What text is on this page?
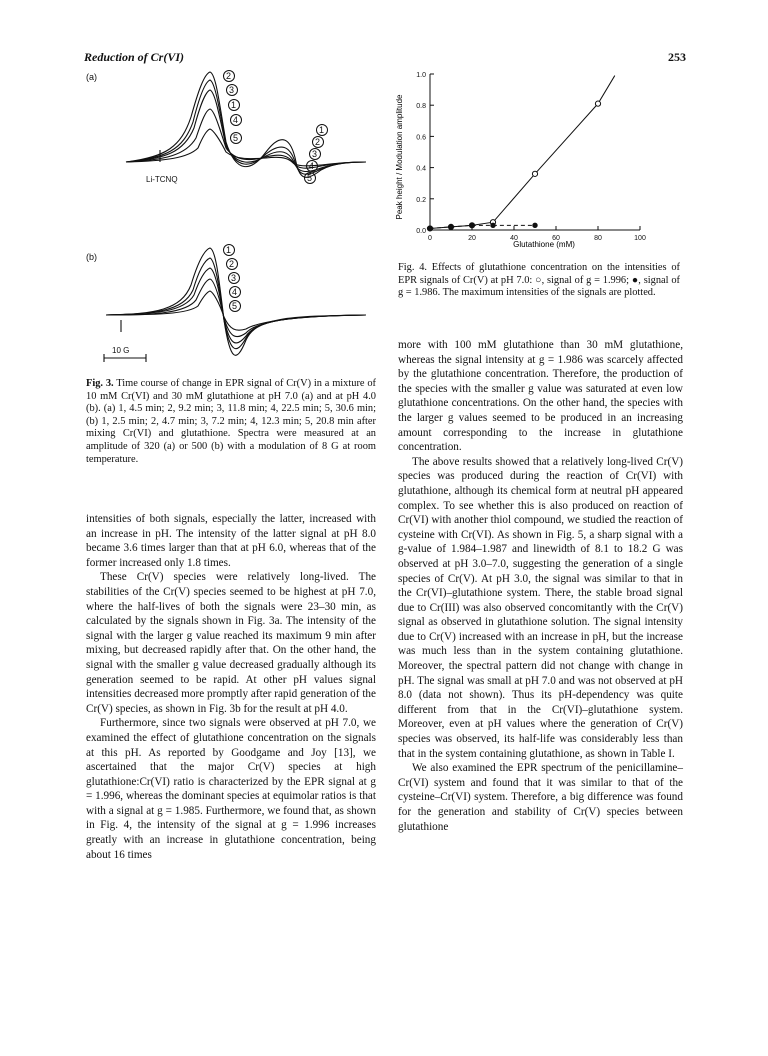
Reduction of Cr(VI)	253
(a)	2
3
1
4
5
1
2
3
4
5
Li-TCNQ
(b)
1
2
3
4
5
10 G
Fig. 3. Time course of change in EPR signal of Cr(V) in a mixture of 10 mM Cr(VI) and 30 mM glutathione at pH 7.0 (a) and at pH 4.0 (b). (a) 1, 4.5 min; 2, 9.2 min; 3, 11.8 min; 4, 22.5 min; 5, 30.6 min; (b) 1, 2.5 min; 2, 4.7 min; 3, 7.2 min; 4, 12.3 min; 5, 20.8 min after mixing Cr(VI) and glutathione. Spectra were measured at an amplitude of 320 (a) or 500 (b) with a modulation of 8 G at room temperature.
Peak height / Modulation amplitude
Glutathione (mM)
0	20	40	60	80	100
0.0
0.2
0.4
0.6
0.8
1.0
Fig. 4. Effects of glutathione concentration on the intensities of EPR signals of Cr(V) at pH 7.0: ○, signal of g = 1.996; ●, signal of g = 1.986. The maximum intensities of the signals are plotted.

intensities of both signals, especially the latter, increased with an increase in pH. The intensity of the latter signal at pH 8.0 became 3.6 times larger than that at pH 6.0, whereas that of the former increased only 1.8 times.

These Cr(V) species were relatively long-lived. The stabilities of the Cr(V) species seemed to be highest at pH 7.0, where the half-lives of both the signals were 23–30 min, as calculated by the signals shown in Fig. 3a. The intensity of the signal with the larger g value reached its maximum 9 min after mixing, but decreased rapidly after that. On the other hand, the signal with the smaller g value decreased gradually although its generation seemed to be rapid. At other pH values signal intensities decreased more promptly after rapid generation of the Cr(V) species, as shown in Fig. 3b for the result at pH 4.0.

Furthermore, since two signals were observed at pH 7.0, we examined the effect of glutathione concentration on the signals at this pH. As reported by Goodgame and Joy [13], we ascertained that the major Cr(V) species at high glutathione:Cr(VI) ratio is characterized by the EPR signal at g = 1.996, whereas the dominant species at equimolar ratios is that with a signal at g = 1.985. Furthermore, we found that, as shown in Fig. 4, the intensity of the signal at g = 1.996 increases greatly with an increase in glutathione concentration, being about 16 times

more with 100 mM glutathione than 30 mM glutathione, whereas the signal intensity at g = 1.986 was scarcely affected by the glutathione concentration. Therefore, the production of the species with the smaller g value was saturated at even low glutathione concentrations. On the other hand, the species with the larger g values seemed to be produced in an increasing amount corresponding to the increase in glutathione concentration.

The above results showed that a relatively long-lived Cr(V) species was produced during the reaction of Cr(VI) with glutathione, although its chemical form at neutral pH appeared complex. To see whether this is also produced on reaction of Cr(VI) with another thiol compound, we studied the reaction of cysteine with Cr(VI). As shown in Fig. 5, a sharp signal with a g-value of 1.984–1.987 and linewidth of 8.1 to 18.2 G was observed at pH 3.0–7.0, suggesting the generation of a single species of Cr(V). At pH 3.0, the signal was similar to that in the Cr(VI)–glutathione system. There, the stable broad signal due to Cr(III) was also observed concomitantly with the Cr(V) signal as observed in glutathione solution. The signal intensity due to Cr(V) increased with an increase in pH, but the increase was much less than in the system containing glutathione. Moreover, the spectral pattern did not change with change in pH. The signal was small at pH 7.0 and was not observed at pH 8.0 (data not shown). Thus its pH-dependency was quite different from that in the Cr(VI)–glutathione system. Moreover, even at pH values where the generation of Cr(V) species was observed, its half-life was considerably less than that in the system containing glutathione, as shown in Table I.

We also examined the EPR spectrum of the penicillamine–Cr(VI) system and found that it was similar to that of the cysteine–Cr(VI) system. Therefore, a big difference was found for the generation and stability of Cr(V) species between glutathione
